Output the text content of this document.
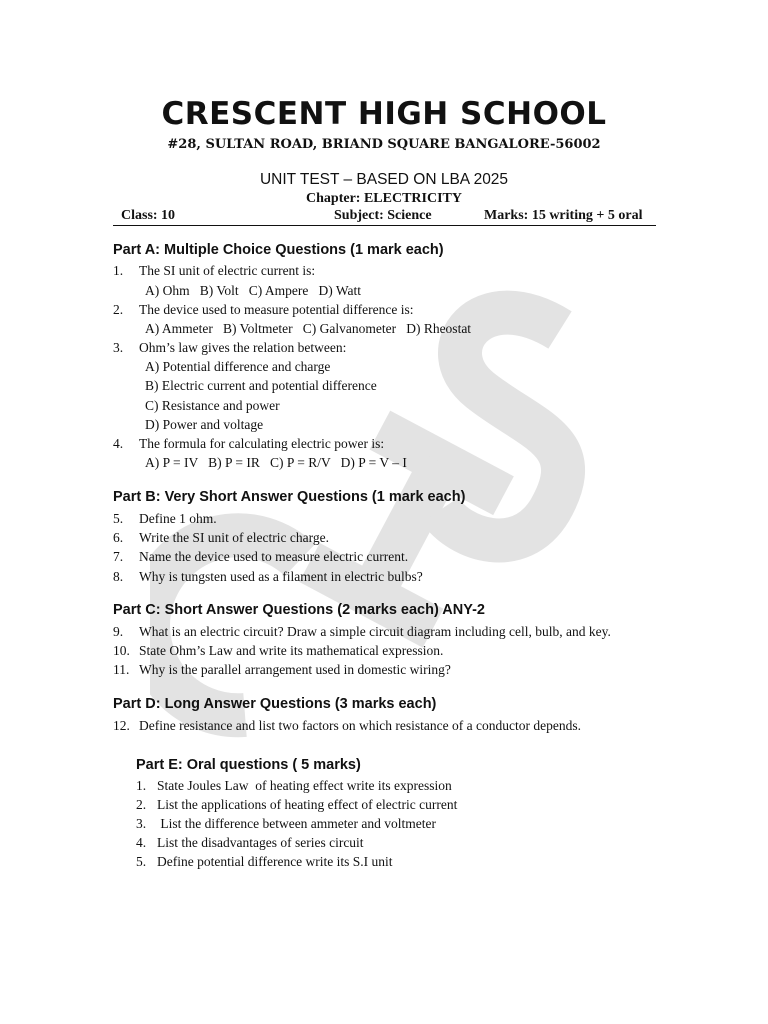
CRESCENT HIGH SCHOOL
#28, SULTAN ROAD, BRIAND SQUARE BANGALORE-56002
UNIT TEST – BASED ON LBA 2025
Chapter: ELECTRICITY
Class: 10	Subject: Science	Marks: 15 writing + 5 oral
Part A: Multiple Choice Questions (1 mark each)
1. The SI unit of electric current is:
A) Ohm   B) Volt   C) Ampere   D) Watt
2. The device used to measure potential difference is:
A) Ammeter   B) Voltmeter   C) Galvanometer   D) Rheostat
3. Ohm’s law gives the relation between:
A) Potential difference and charge
B) Electric current and potential difference
C) Resistance and power
D) Power and voltage
4. The formula for calculating electric power is:
A) P = IV   B) P = IR   C) P = R/V   D) P = V – I
Part B: Very Short Answer Questions (1 mark each)
5. Define 1 ohm.
6. Write the SI unit of electric charge.
7. Name the device used to measure electric current.
8. Why is tungsten used as a filament in electric bulbs?
Part C: Short Answer Questions (2 marks each) ANY-2
9. What is an electric circuit? Draw a simple circuit diagram including cell, bulb, and key.
10. State Ohm’s Law and write its mathematical expression.
11. Why is the parallel arrangement used in domestic wiring?
Part D: Long Answer Questions (3 marks each)
12. Define resistance and list two factors on which resistance of a conductor depends.
Part E: Oral questions ( 5 marks)
1. State Joules Law  of heating effect write its expression
2. List the applications of heating effect of electric current
3. List the difference between ammeter and voltmeter
4. List the disadvantages of series circuit
5. Define potential difference write its S.I unit
